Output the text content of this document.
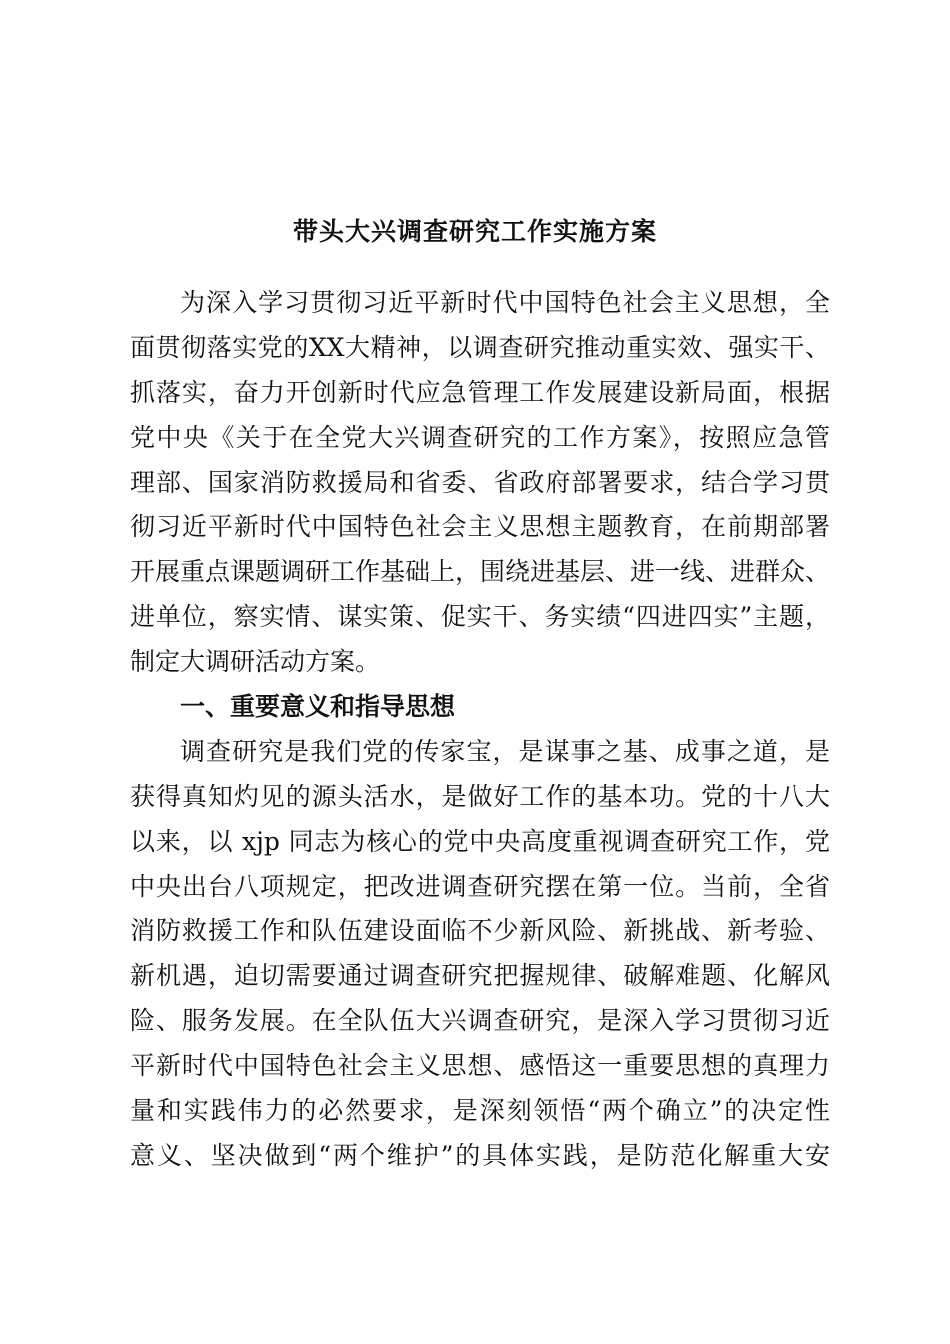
带头大兴调查研究工作实施方案
为深入学习贯彻习近平新时代中国特色社会主义思想，全
面贯彻落实党的XX大精神，以调查研究推动重实效、强实干、
抓落实，奋力开创新时代应急管理工作发展建设新局面，根据
党中央《关于在全党大兴调查研究的工作方案》，按照应急管
理部、国家消防救援局和省委、省政府部署要求，结合学习贯
彻习近平新时代中国特色社会主义思想主题教育，在前期部署
开展重点课题调研工作基础上，围绕进基层、进一线、进群众、
进单位，察实情、谋实策、促实干、务实绩“四进四实”主题，
制定大调研活动方案。
一、重要意义和指导思想
调查研究是我们党的传家宝，是谋事之基、成事之道，是
获得真知灼见的源头活水，是做好工作的基本功。党的十八大
以来，以 xjp 同志为核心的党中央高度重视调查研究工作，党
中央出台八项规定，把改进调查研究摆在第一位。当前，全省
消防救援工作和队伍建设面临不少新风险、新挑战、新考验、
新机遇，迫切需要通过调查研究把握规律、破解难题、化解风
险、服务发展。在全队伍大兴调查研究，是深入学习贯彻习近
平新时代中国特色社会主义思想、感悟这一重要思想的真理力
量和实践伟力的必然要求，是深刻领悟“两个确立”的决定性
意义、坚决做到“两个维护”的具体实践，是防范化解重大安
